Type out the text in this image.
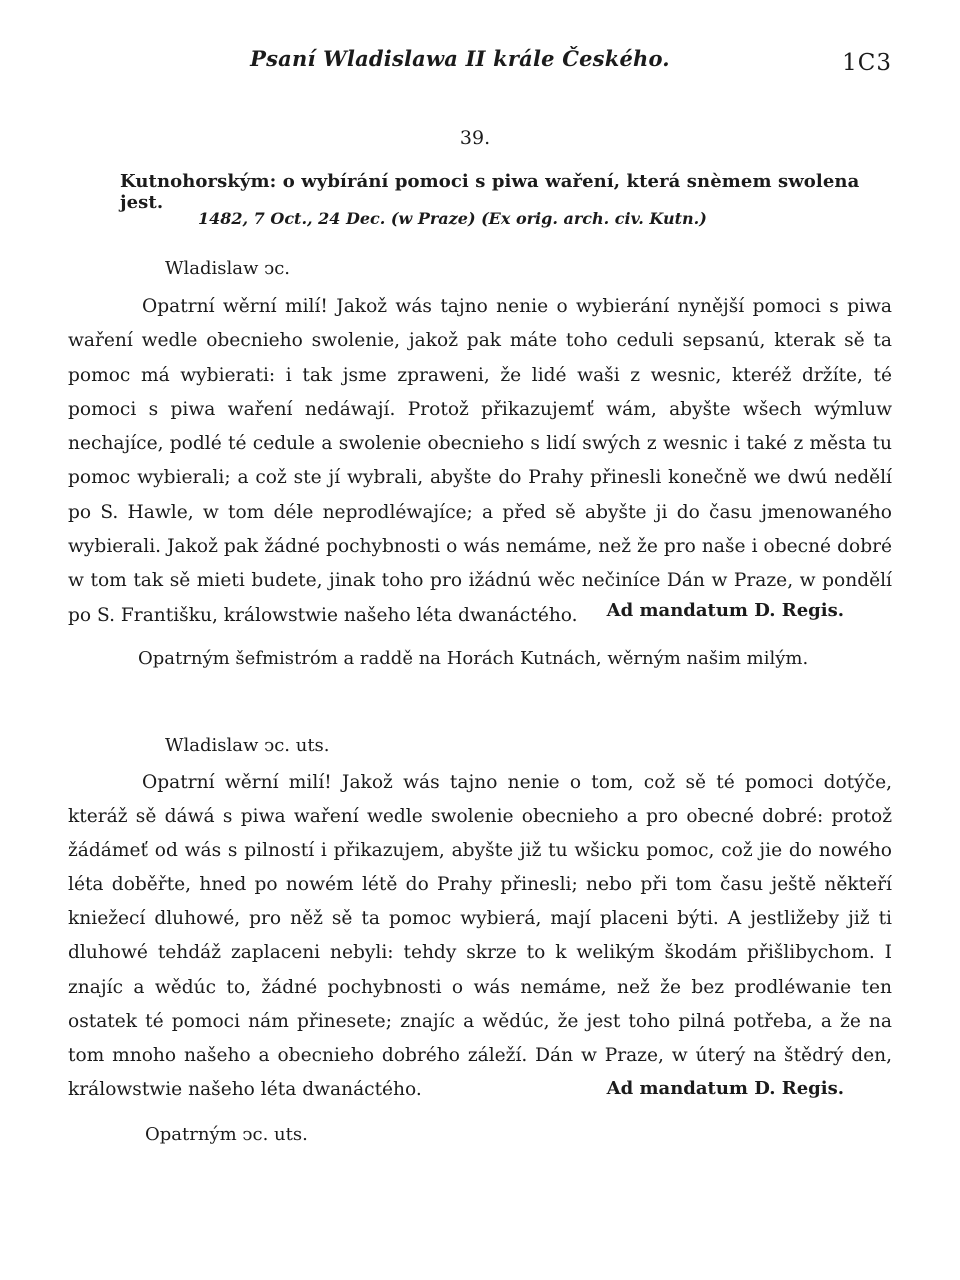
Psaní Wladislawa II krále Českého.	1C3
39.
Kutnohorským: o wybírání pomoci s piwa waření, která snèmem swolena jest.
1482, 7 Oct., 24 Dec. (w Praze) (Ex orig. arch. civ. Kutn.)
Wladislaw ↄc.

Opatrní wěrní milí! Jakož wás tajno nenie o wybierání nynější pomoci s piwa waření wedle obecnieho swolenie, jakož pak máte toho ceduli sepsanú, kterak sě ta pomoc má wybierati: i tak jsme zpraweni, že lidé waši z wesnic, kteréž držíte, té pomoci s piwa waření nedáwají. Protož přikazujemť wám, abyšte wšech wýmluw nechajíce, podlé té cedule a swolenie obecnieho s lidí swých z wesnic i také z města tu pomoc wybierali; a což ste jí wybrali, abyšte do Prahy přinesli konečně we dwú nedělí po S. Hawle, w tom déle neprodléwajíce; a před sě abyšte ji do času jmenowaného wybierali. Jakož pak žádné pochybnosti o wás nemáme, než že pro naše i obecné dobré w tom tak sě mieti budete, jinak toho pro ižádnú wěc nečiníce Dán w Praze, w pondělí po S. Františku, králowstwie našeho léta dwanáctého.	Ad mandatum D. Regis.
Opatrným šefmistróm a raddě na Horách Kutnách, wěrným našim milým.
Wladislaw ↄc. uts.

Opatrní wěrní milí! Jakož wás tajno nenie o tom, což sě té pomoci dotýče, kteráž sě dáwá s piwa waření wedle swolenie obecnieho a pro obecné dobré: protož žádámeť od wás s pilností i přikazujem, abyšte již tu wšicku pomoc, což jie do nowého léta doběřte, hned po nowém létě do Prahy přinesli; nebo při tom času ještě někteří kniežecí dluhowé, pro něž sě ta pomoc wybierá, mají placeni býti. A jestližeby již ti dluhowé tehdáž zaplaceni nebyli: tehdy skrze to k welikým škodám přišlibychom. I znajíc a wědúc to, žádné pochybnosti o wás nemáme, než že bez prodléwanie ten ostatek té pomoci nám přinesete; znajíc a wědúc, že jest toho pilná potřeba, a že na tom mnoho našeho a obecnieho dobrého záleží. Dán w Praze, w úterý na štědrý den, králowstwie našeho léta dwanáctého.	Ad mandatum D. Regis.
Opatrným ↄc. uts.
